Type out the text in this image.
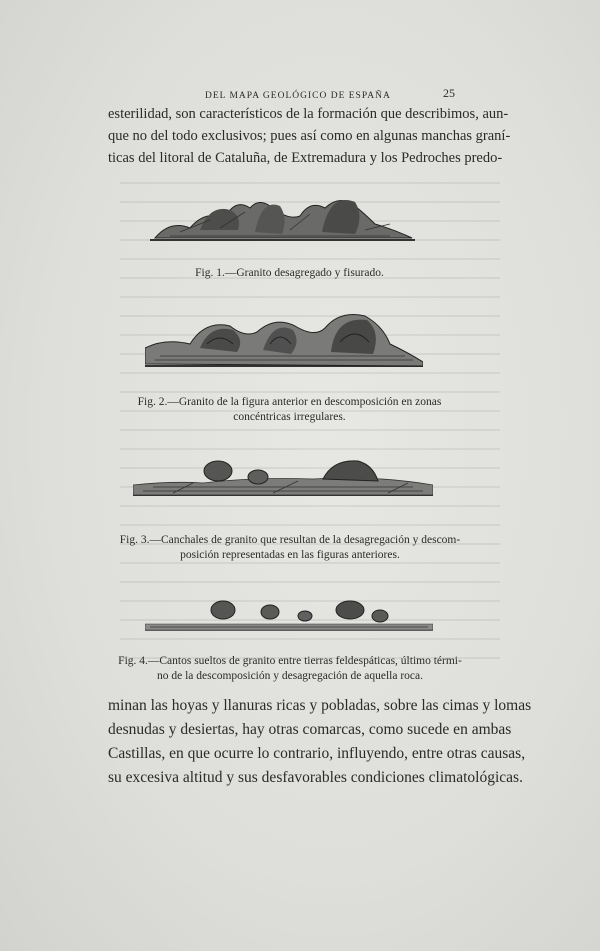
DEL MAPA GEOLÓGICO DE ESPAÑA	25
esterilidad, son característicos de la formación que describimos, aun-
que no del todo exclusivos; pues así como en algunas manchas graní-
ticas del litoral de Cataluña, de Extremadura y los Pedroches predo-
Fig. 1.—Granito desagregado y fisurado.
Fig. 2.—Granito de la figura anterior en descomposición en zonas
concéntricas irregulares.
Fig. 3.—Canchales de granito que resultan de la desagregación y descom-
posición representadas en las figuras anteriores.
Fig. 4.—Cantos sueltos de granito entre tierras feldespáticas, último térmi-
no de la descomposición y desagregación de aquella roca.
minan las hoyas y llanuras ricas y pobladas, sobre las cimas y lomas
desnudas y desiertas, hay otras comarcas, como sucede en ambas
Castillas, en que ocurre lo contrario, influyendo, entre otras causas,
su excesiva altitud y sus desfavorables condiciones climatológicas.
